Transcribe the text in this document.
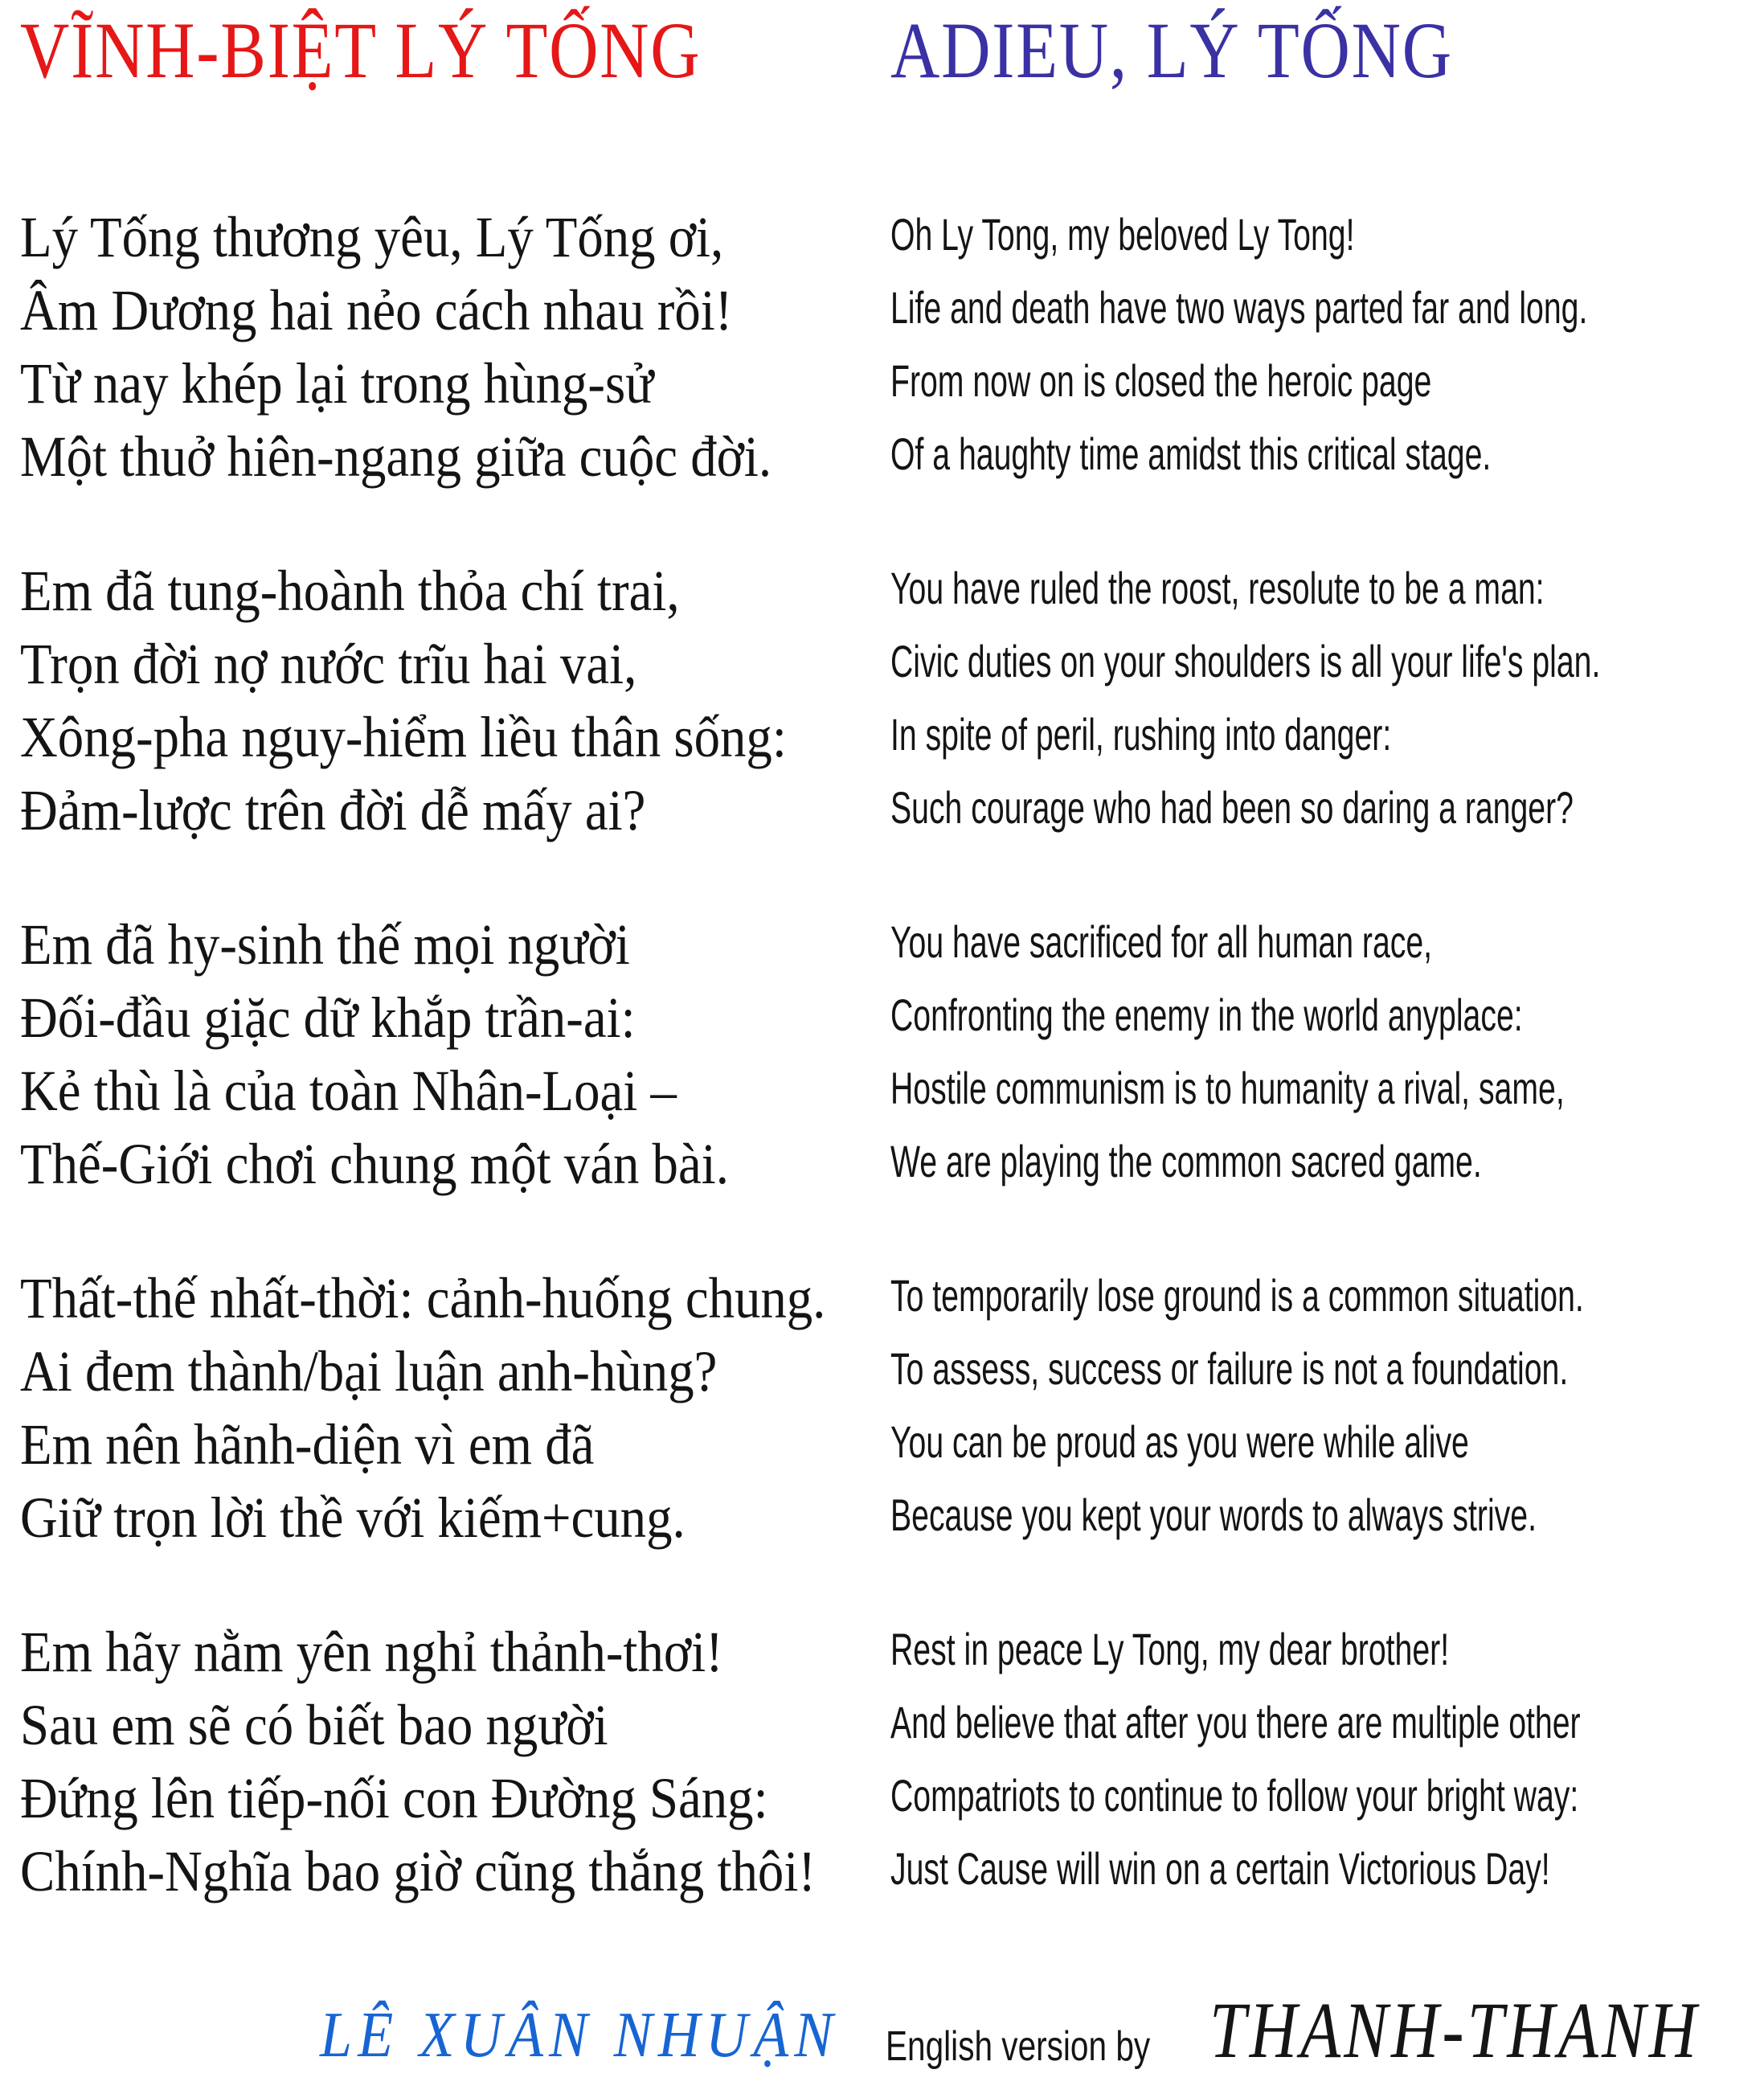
VĨNH-BIỆT LÝ TỐNG ADIEU, LÝ TỐNG
Lý Tống thương yêu, Lý Tống ơi,
Âm Dương hai nẻo cách nhau rồi!
Từ nay khép lại trong hùng-sử
Một thuở hiên-ngang giữa cuộc đời.
Em đã tung-hoành thỏa chí trai,
Trọn đời nợ nước trĩu hai vai,
Xông-pha nguy-hiểm liều thân sống:
Đảm-lược trên đời dễ mấy ai?
Em đã hy-sinh thế mọi người
Đối-đầu giặc dữ khắp trần-ai:
Kẻ thù là của toàn Nhân-Loại –
Thế-Giới chơi chung một ván bài.
Thất-thế nhất-thời: cảnh-huống chung.
Ai đem thành/bại luận anh-hùng?
Em nên hãnh-diện vì em đã
Giữ trọn lời thề với kiếm+cung.
Em hãy nằm yên nghỉ thảnh-thơi!
Sau em sẽ có biết bao người
Đứng lên tiếp-nối con Đường Sáng:
Chính-Nghĩa bao giờ cũng thắng thôi!
Oh Ly Tong, my beloved Ly Tong!
Life and death have two ways parted far and long.
From now on is closed the heroic page
Of a haughty time amidst this critical stage.
You have ruled the roost, resolute to be a man:
Civic duties on your shoulders is all your life's plan.
In spite of peril, rushing into danger:
Such courage who had been so daring a ranger?
You have sacrificed for all human race,
Confronting the enemy in the world anyplace:
Hostile communism is to humanity a rival, same,
We are playing the common sacred game.
To temporarily lose ground is a common situation.
To assess, success or failure is not a foundation.
You can be proud as you were while alive
Because you kept your words to always strive.
Rest in peace Ly Tong, my dear brother!
And believe that after you there are multiple other
Compatriots to continue to follow your bright way:
Just Cause will win on a certain Victorious Day!
LÊ XUÂN NHUẬN English version by THANH-THANH
